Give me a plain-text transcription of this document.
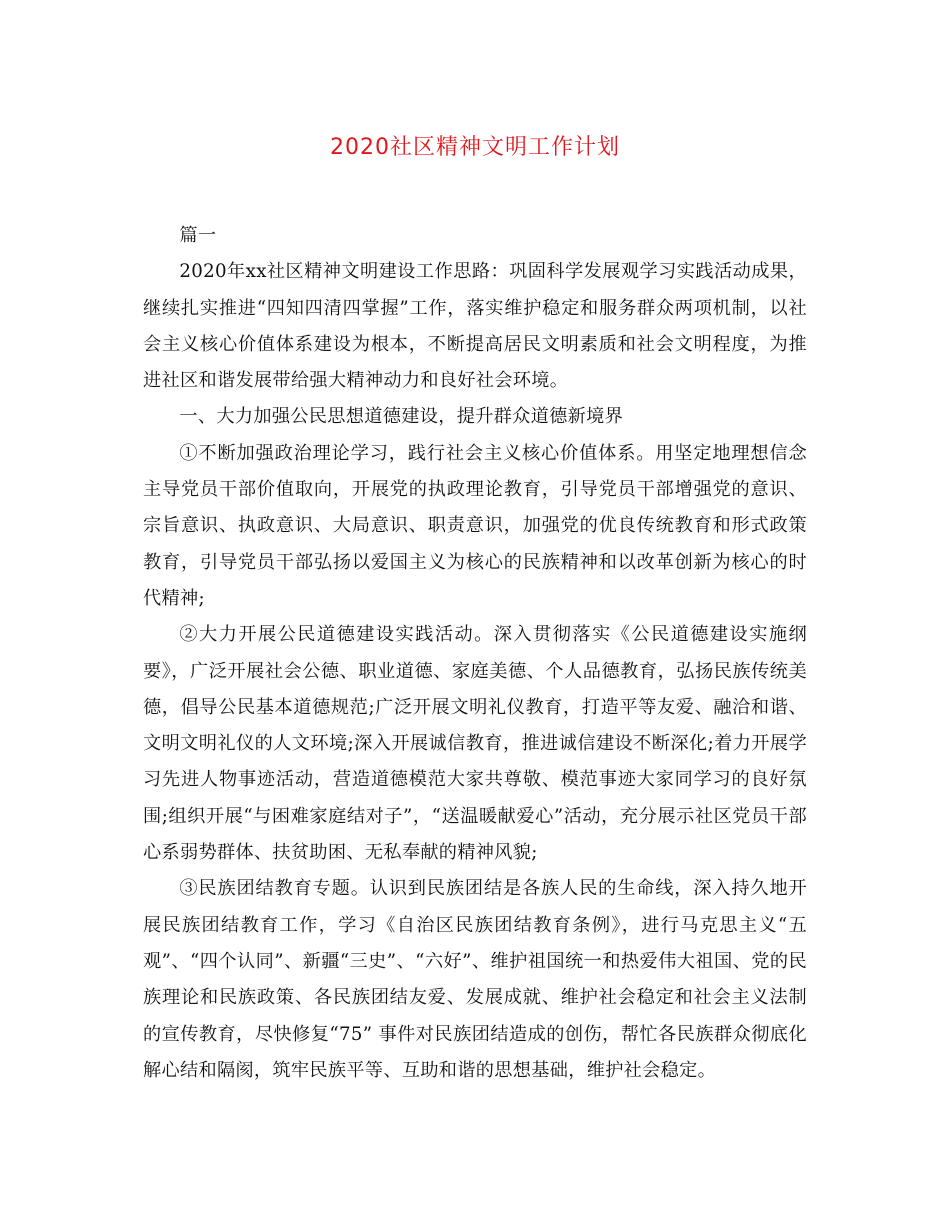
2020社区精神文明工作计划

篇一

2020年xx社区精神文明建设工作思路：巩固科学发展观学习实践活动成果，继续扎实推进“四知四清四掌握”工作，落实维护稳定和服务群众两项机制，以社会主义核心价值体系建设为根本，不断提高居民文明素质和社会文明程度，为推进社区和谐发展带给强大精神动力和良好社会环境。

一、大力加强公民思想道德建设，提升群众道德新境界

①不断加强政治理论学习，践行社会主义核心价值体系。用坚定地理想信念主导党员干部价值取向，开展党的执政理论教育，引导党员干部增强党的意识、宗旨意识、执政意识、大局意识、职责意识，加强党的优良传统教育和形式政策教育，引导党员干部弘扬以爱国主义为核心的民族精神和以改革创新为核心的时代精神;

②大力开展公民道德建设实践活动。深入贯彻落实《公民道德建设实施纲要》，广泛开展社会公德、职业道德、家庭美德、个人品德教育，弘扬民族传统美德，倡导公民基本道德规范;广泛开展文明礼仪教育，打造平等友爱、融洽和谐、文明文明礼仪的人文环境;深入开展诚信教育，推进诚信建设不断深化;着力开展学习先进人物事迹活动，营造道德模范大家共尊敬、模范事迹大家同学习的良好氛围;组织开展“与困难家庭结对子”，“送温暖献爱心”活动，充分展示社区党员干部心系弱势群体、扶贫助困、无私奉献的精神风貌;

③民族团结教育专题。认识到民族团结是各族人民的生命线，深入持久地开展民族团结教育工作，学习《自治区民族团结教育条例》，进行马克思主义“五观”、“四个认同”、新疆“三史”、“六好”、维护祖国统一和热爱伟大祖国、党的民族理论和民族政策、各民族团结友爱、发展成就、维护社会稳定和社会主义法制的宣传教育，尽快修复“75” 事件对民族团结造成的创伤，帮忙各民族群众彻底化解心结和隔阂，筑牢民族平等、互助和谐的思想基础，维护社会稳定。
